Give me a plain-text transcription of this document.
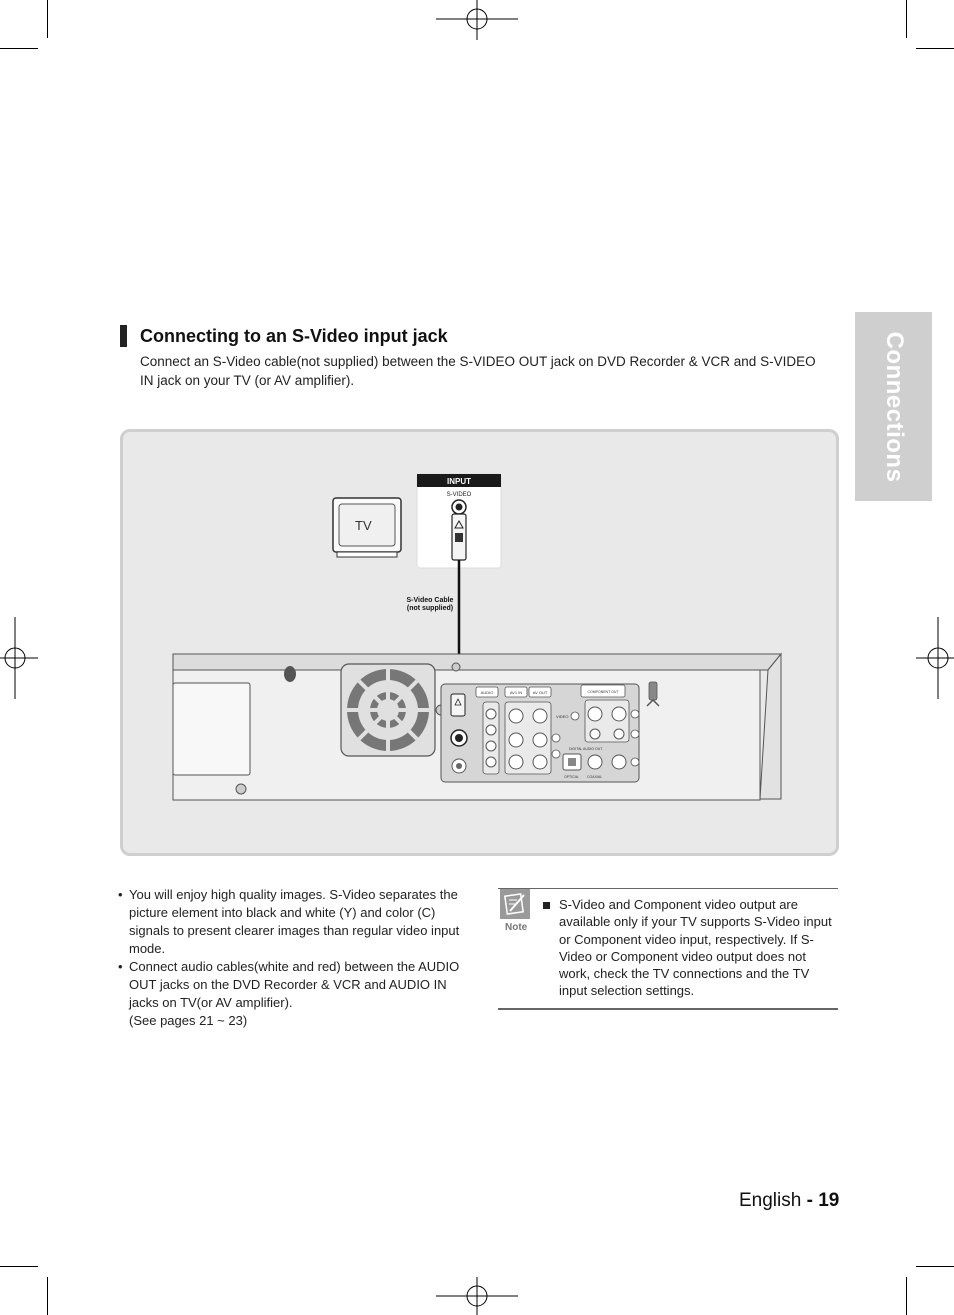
Connections
Connecting to an S-Video input jack
Connect an S-Video cable(not supplied) between the S-VIDEO OUT jack on DVD Recorder & VCR and S-VIDEO IN jack on your TV (or AV amplifier).
TV
INPUT
S-VIDEO
S-Video Cable
(not supplied)
AUDIO	AV1 IN	AV OUT	COMPONENT OUT
VIDEO
DIGITAL AUDIO OUT
OPTICAL COAXIAL
• You will enjoy high quality images. S-Video separates the picture element into black and white (Y) and color (C) signals to present clearer images than regular video input mode.
• Connect audio cables(white and red) between the AUDIO OUT jacks on the DVD Recorder & VCR and AUDIO IN jacks on TV(or AV amplifier).
(See pages 21 ~ 23)
Note
S-Video and Component video output are available only if your TV supports S-Video input or Component video input, respectively. If S-Video or Component video output does not work, check the TV connections and the TV input selection settings.
English - 19
